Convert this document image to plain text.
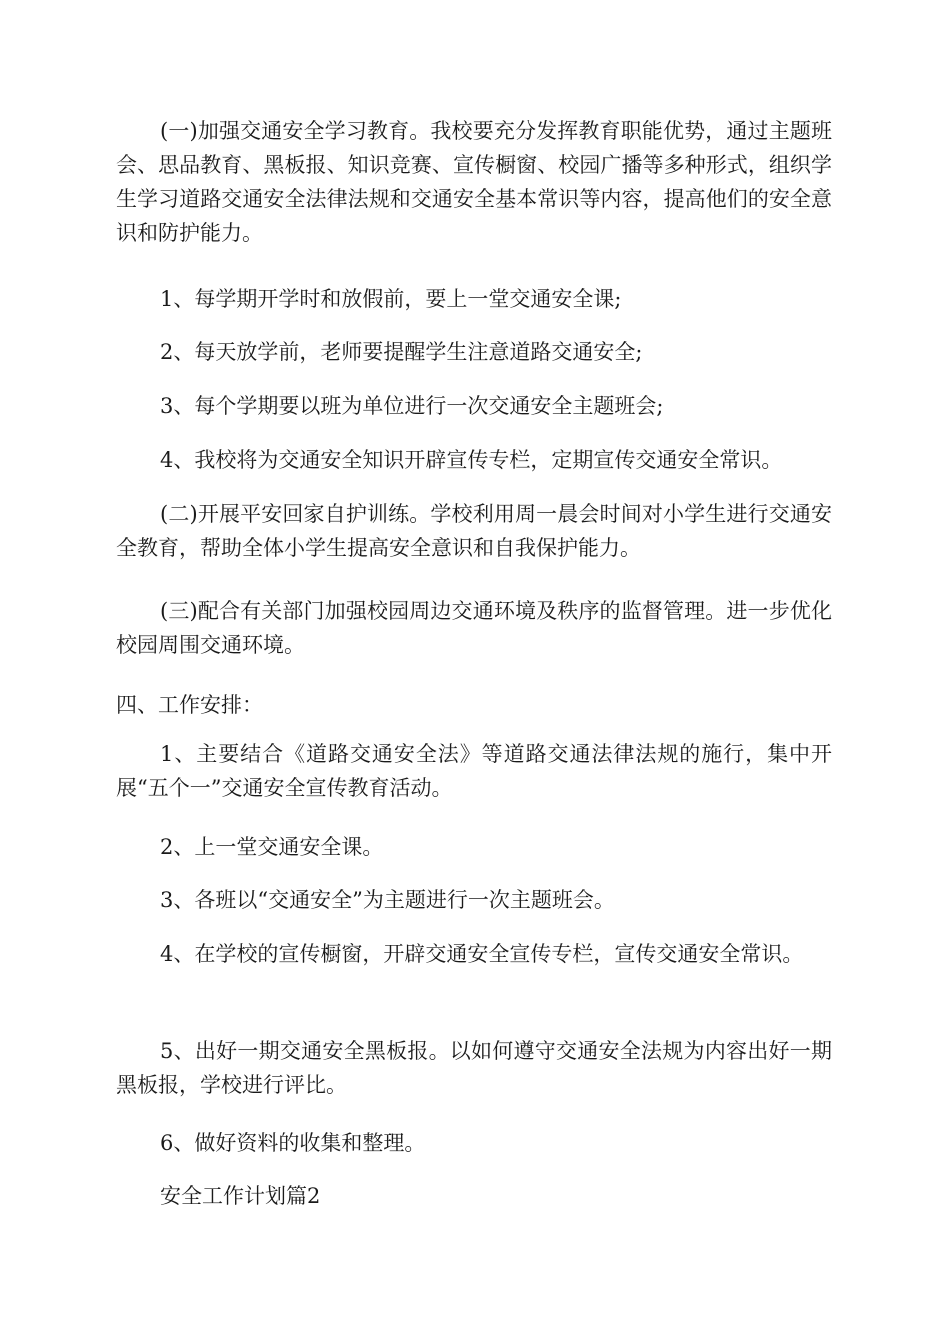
(一)加强交通安全学习教育。我校要充分发挥教育职能优势，通过主题班会、思品教育、黑板报、知识竞赛、宣传橱窗、校园广播等多种形式，组织学生学习道路交通安全法律法规和交通安全基本常识等内容，提高他们的安全意识和防护能力。

1、每学期开学时和放假前，要上一堂交通安全课;

2、每天放学前，老师要提醒学生注意道路交通安全;

3、每个学期要以班为单位进行一次交通安全主题班会;

4、我校将为交通安全知识开辟宣传专栏，定期宣传交通安全常识。

(二)开展平安回家自护训练。学校利用周一晨会时间对小学生进行交通安全教育，帮助全体小学生提高安全意识和自我保护能力。

(三)配合有关部门加强校园周边交通环境及秩序的监督管理。进一步优化校园周围交通环境。

四、工作安排：

1、主要结合《道路交通安全法》等道路交通法律法规的施行，集中开展“五个一”交通安全宣传教育活动。

2、上一堂交通安全课。

3、各班以“交通安全”为主题进行一次主题班会。

4、在学校的宣传橱窗，开辟交通安全宣传专栏，宣传交通安全常识。

5、出好一期交通安全黑板报。以如何遵守交通安全法规为内容出好一期黑板报，学校进行评比。

6、做好资料的收集和整理。

安全工作计划篇2
